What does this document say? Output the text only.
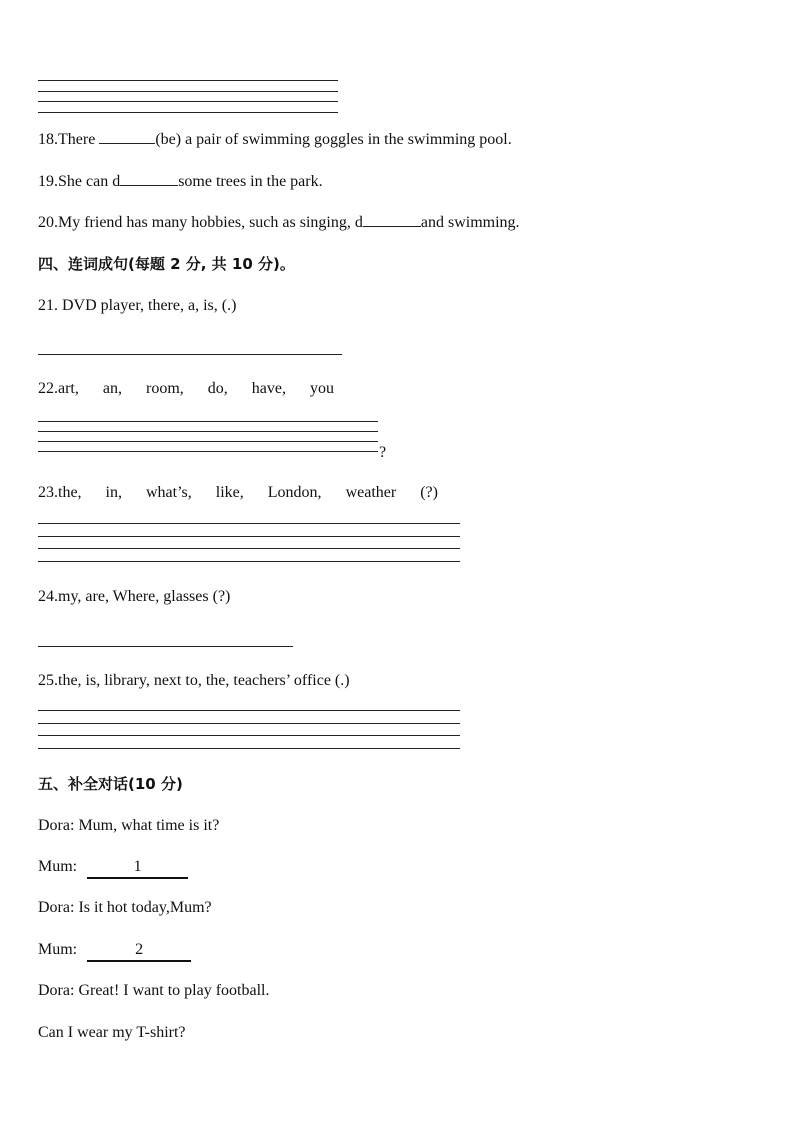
18.There	(be) a pair of swimming goggles in the swimming pool.
19.She can d	some trees in the park.
20.My friend has many hobbies, such as singing, d	and swimming.
四、连词成句(每题 2 分, 共 10 分)。
21. DVD player, there, a, is, (.)
22.art, an, room, do, have, you
?
23.the, in, what’s, like, London, weather (?)
24.my, are, Where, glasses (?)
25.the, is, library, next to, the, teachers’ office (.)
五、补全对话(10 分)
Dora: Mum, what time is it?
Mum:	1
Dora: Is it hot today,Mum?
Mum:	2
Dora: Great! I want to play football.
Can I wear my T-shirt?
